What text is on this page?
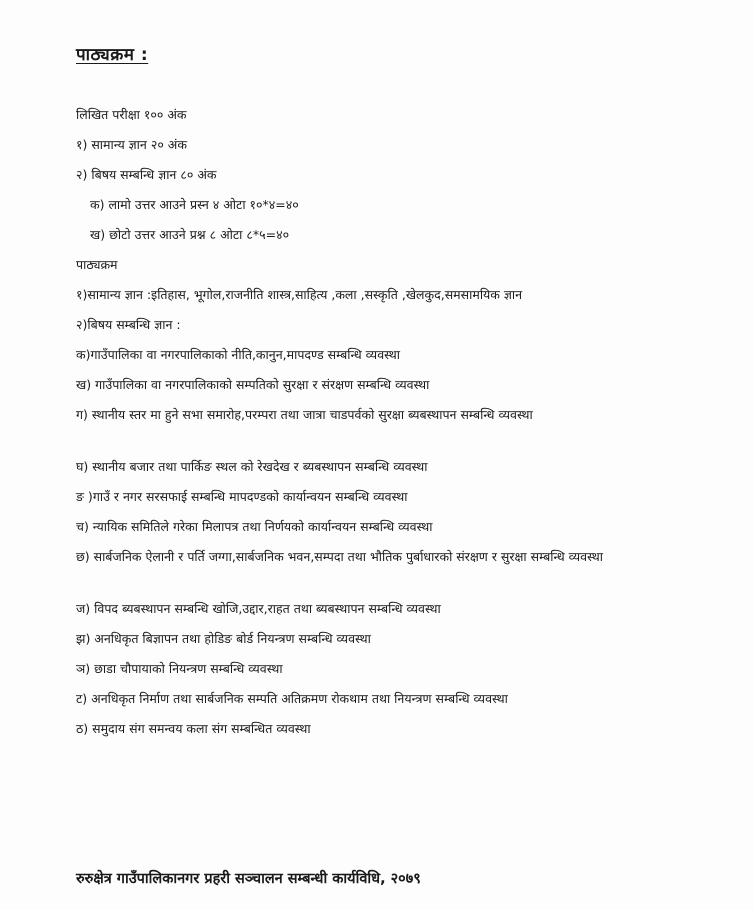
पाठ्यक्रम :
लिखित परीक्षा १०० अंक
१) सामान्य ज्ञान २० अंक
२) बिषय सम्बन्धि ज्ञान ८० अंक
क) लामो उत्तर आउने प्रस्न ४ ओटा १०*४=४०
ख) छोटो उत्तर आउने प्रश्न ८ ओटा ८*५=४०
पाठ्यक्रम
१)सामान्य ज्ञान :इतिहास, भूगोल,राजनीति शास्त्र,साहित्य ,कला ,सस्कृति ,खेलकुद,समसामयिक ज्ञान
२)बिषय सम्बन्धि ज्ञान :
क)गाउँपालिका वा नगरपालिकाको नीति,कानुन,मापदण्ड सम्बन्धि व्यवस्था
ख) गाउँपालिका वा नगरपालिकाको सम्पतिको सुरक्षा र संरक्षण सम्बन्धि व्यवस्था
ग) स्थानीय स्तर मा हुने सभा समारोह,परम्परा तथा जात्रा चाडपर्वको सुरक्षा ब्यबस्थापन सम्बन्धि व्यवस्था
घ) स्थानीय बजार तथा पार्किङ स्थल को रेखदेख र ब्यबस्थापन सम्बन्धि व्यवस्था
ङ )गाउँ र नगर सरसफाई सम्बन्धि मापदण्डको कार्यान्वयन सम्बन्धि व्यवस्था
च) न्यायिक समितिले गरेका मिलापत्र तथा निर्णयको कार्यान्वयन सम्बन्धि व्यवस्था
छ) सार्बजनिक ऐलानी र पर्ति जग्गा,सार्बजनिक भवन,सम्पदा तथा भौतिक पुर्बाधारको संरक्षण र सुरक्षा सम्बन्धि व्यवस्था
ज) विपद ब्यबस्थापन सम्बन्धि खोजि,उद्दार,राहत तथा ब्यबस्थापन सम्बन्धि व्यवस्था
झ) अनधिकृत बिज्ञापन तथा होडिङ बोर्ड नियन्त्रण सम्बन्धि व्यवस्था
ञ) छाडा चौपायाको नियन्त्रण सम्बन्धि व्यवस्था
ट) अनधिकृत निर्माण तथा सार्बजनिक सम्पति अतिक्रमण रोकथाम तथा नियन्त्रण सम्बन्धि व्यवस्था
ठ) समुदाय संग समन्वय कला संग सम्बन्धित व्यवस्था
रुरुक्षेत्र गाउँपालिकानगर प्रहरी सञ्चालन सम्बन्धी कार्यविधि, २०७९
